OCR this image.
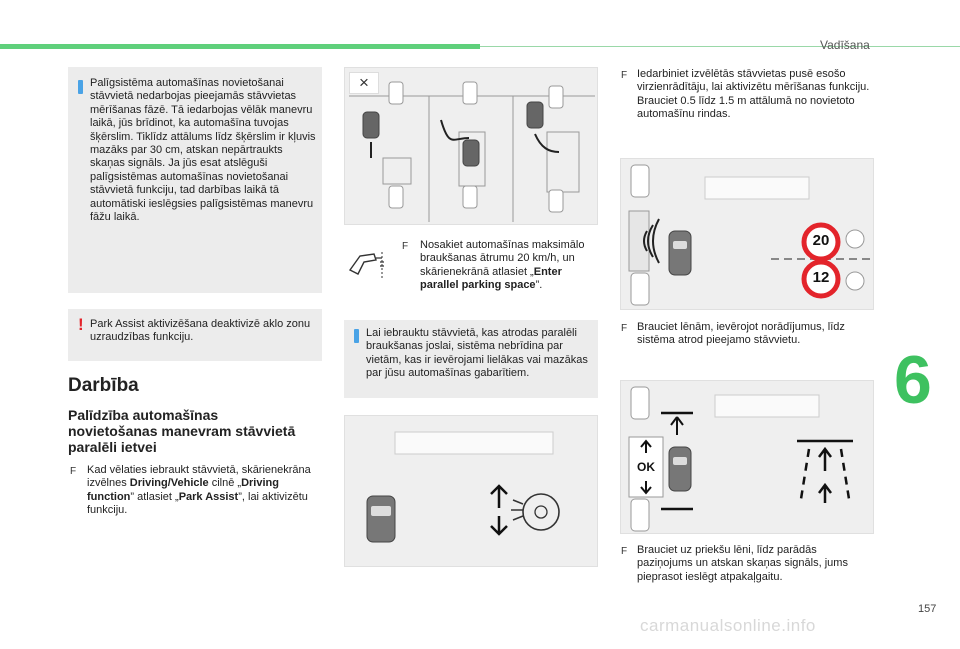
Vadīšana
6
157
Palīgsistēma automašīnas novietošanai stāvvietā nedarbojas pieejamās stāvvietas mērīšanas fāzē. Tā iedarbojas vēlāk manevru laikā, jūs brīdinot, ka automašīna tuvojas šķērslim. Tiklīdz attālums līdz šķērslim ir kļuvis mazāks par 30 cm, atskan nepārtraukts skaņas signāls. Ja jūs esat atslēguši palīgsistēmas automašīnas novietošanai stāvvietā funkciju, tad darbības laikā tā automātiski ieslēgsies palīgsistēmas manevru fāžu laikā.
! Park Assist aktivizēšana deaktivizē aklo zonu uzraudzības funkciju.
Darbība
Palīdzība automašīnas novietošanas manevram stāvvietā paralēli ietvei
F Kad vēlaties iebraukt stāvvietā, skārienekrāna izvēlnes Driving/Vehicle cilnē „Driving function” atlasiet „Park Assist”, lai aktivizētu funkciju.
×
F Nosakiet automašīnas maksimālo braukšanas ātrumu 20 km/h, un skārienekrānā atlasiet „Enter parallel parking space”.
Lai iebrauktu stāvvietā, kas atrodas paralēli braukšanas joslai, sistēma nebrīdina par vietām, kas ir ievērojami lielākas vai mazākas par jūsu automašīnas gabarītiem.
F Iedarbiniet izvēlētās stāvvietas pusē esošo virzienrādītāju, lai aktivizētu mērīšanas funkciju. Brauciet 0.5 līdz 1.5 m attālumā no novietoto automašīnu rindas.
20
12
F Brauciet lēnām, ievērojot norādījumus, līdz sistēma atrod pieejamo stāvvietu.
OK
F Brauciet uz priekšu lēni, līdz parādās paziņojums un atskan skaņas signāls, jums pieprasot ieslēgt atpakaļgaitu.
carmanualsonline.info
